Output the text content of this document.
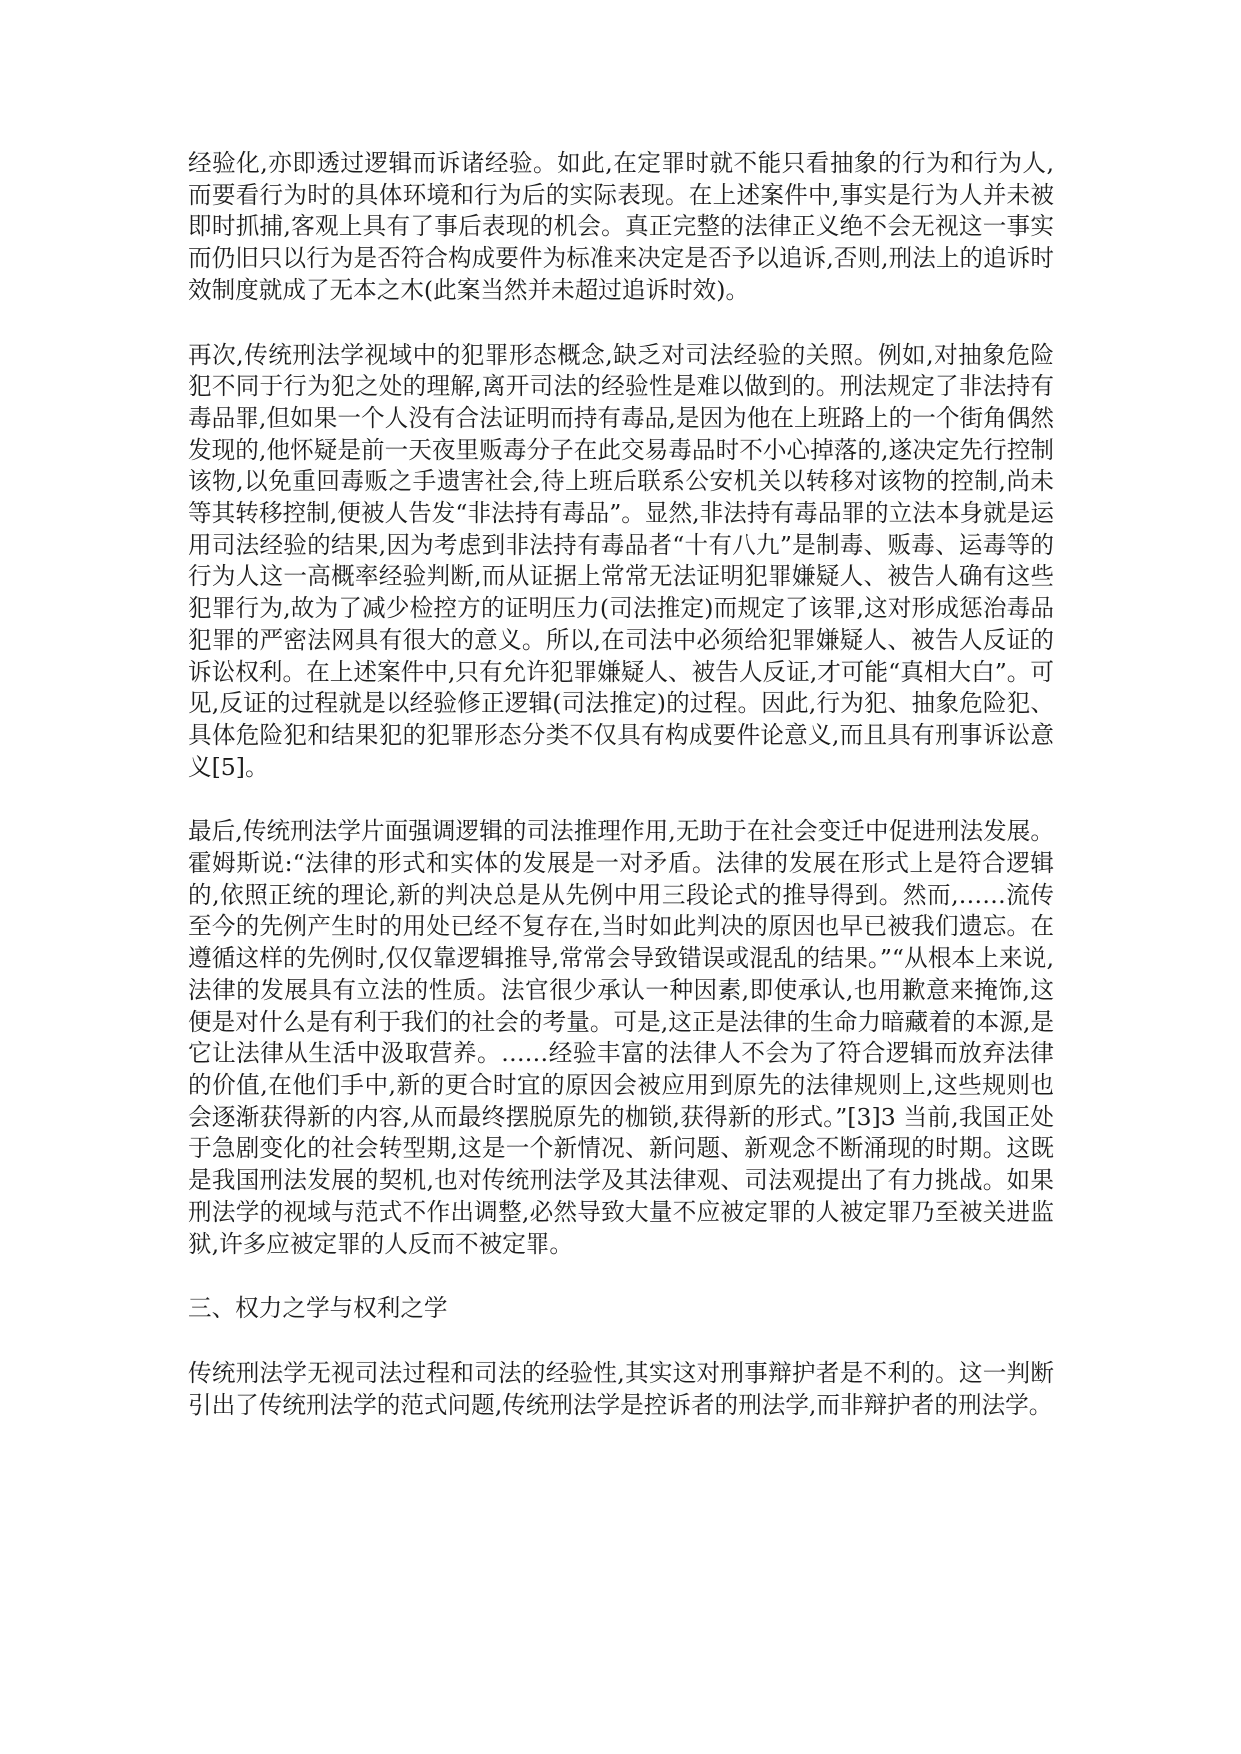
经验化,亦即透过逻辑而诉诸经验。如此,在定罪时就不能只看抽象的行为和行为人,而要看行为时的具体环境和行为后的实际表现。在上述案件中,事实是行为人并未被即时抓捕,客观上具有了事后表现的机会。真正完整的法律正义绝不会无视这一事实而仍旧只以行为是否符合构成要件为标准来决定是否予以追诉,否则,刑法上的追诉时效制度就成了无本之木(此案当然并未超过追诉时效)。

再次,传统刑法学视域中的犯罪形态概念,缺乏对司法经验的关照。例如,对抽象危险犯不同于行为犯之处的理解,离开司法的经验性是难以做到的。刑法规定了非法持有毒品罪,但如果一个人没有合法证明而持有毒品,是因为他在上班路上的一个街角偶然发现的,他怀疑是前一天夜里贩毒分子在此交易毒品时不小心掉落的,遂决定先行控制该物,以免重回毒贩之手遗害社会,待上班后联系公安机关以转移对该物的控制,尚未等其转移控制,便被人告发“非法持有毒品”。显然,非法持有毒品罪的立法本身就是运用司法经验的结果,因为考虑到非法持有毒品者“十有八九”是制毒、贩毒、运毒等的行为人这一高概率经验判断,而从证据上常常无法证明犯罪嫌疑人、被告人确有这些犯罪行为,故为了减少检控方的证明压力(司法推定)而规定了该罪,这对形成惩治毒品犯罪的严密法网具有很大的意义。所以,在司法中必须给犯罪嫌疑人、被告人反证的诉讼权利。在上述案件中,只有允许犯罪嫌疑人、被告人反证,才可能“真相大白”。可见,反证的过程就是以经验修正逻辑(司法推定)的过程。因此,行为犯、抽象危险犯、具体危险犯和结果犯的犯罪形态分类不仅具有构成要件论意义,而且具有刑事诉讼意义[5]。

最后,传统刑法学片面强调逻辑的司法推理作用,无助于在社会变迁中促进刑法发展。霍姆斯说:“法律的形式和实体的发展是一对矛盾。法律的发展在形式上是符合逻辑的,依照正统的理论,新的判决总是从先例中用三段论式的推导得到。然而,……流传至今的先例产生时的用处已经不复存在,当时如此判决的原因也早已被我们遗忘。在遵循这样的先例时,仅仅靠逻辑推导,常常会导致错误或混乱的结果。”“从根本上来说,法律的发展具有立法的性质。法官很少承认一种因素,即使承认,也用歉意来掩饰,这便是对什么是有利于我们的社会的考量。可是,这正是法律的生命力暗藏着的本源,是它让法律从生活中汲取营养。……经验丰富的法律人不会为了符合逻辑而放弃法律的价值,在他们手中,新的更合时宜的原因会被应用到原先的法律规则上,这些规则也会逐渐获得新的内容,从而最终摆脱原先的枷锁,获得新的形式。”[3]3 当前,我国正处于急剧变化的社会转型期,这是一个新情况、新问题、新观念不断涌现的时期。这既是我国刑法发展的契机,也对传统刑法学及其法律观、司法观提出了有力挑战。如果刑法学的视域与范式不作出调整,必然导致大量不应被定罪的人被定罪乃至被关进监狱,许多应被定罪的人反而不被定罪。

三、权力之学与权利之学

传统刑法学无视司法过程和司法的经验性,其实这对刑事辩护者是不利的。这一判断引出了传统刑法学的范式问题,传统刑法学是控诉者的刑法学,而非辩护者的刑法学。
